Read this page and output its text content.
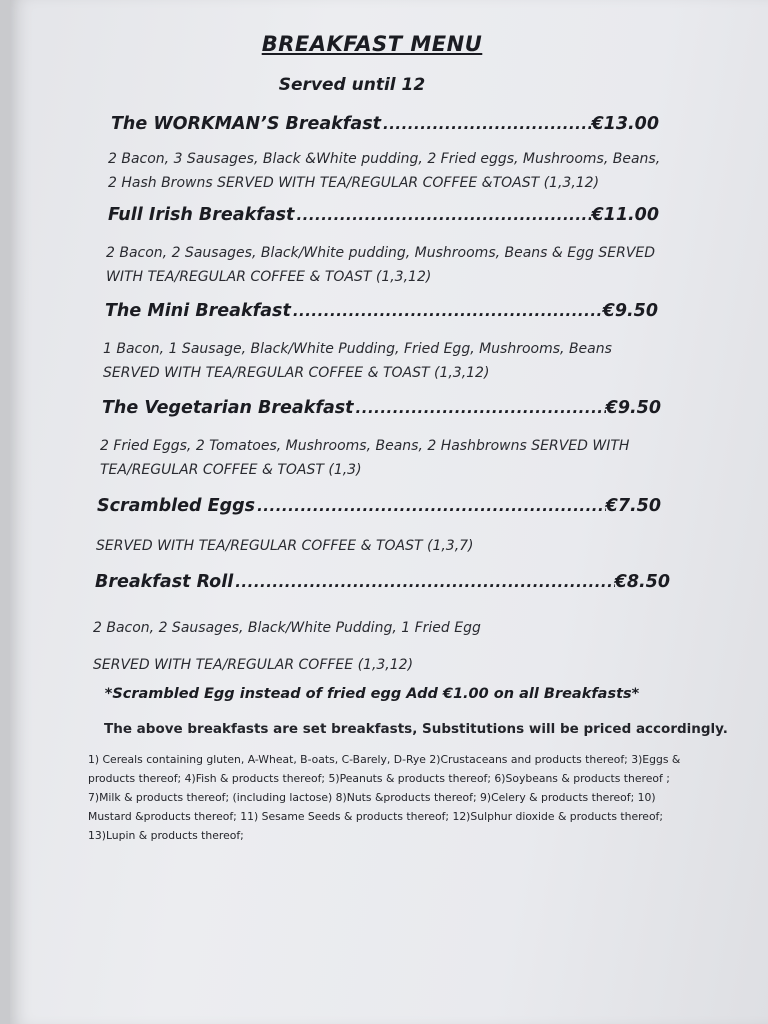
BREAKFAST MENU
Served until 12
The WORKMAN’S Breakfast .....	€13.00
2 Bacon, 3 Sausages, Black &White pudding, 2 Fried eggs, Mushrooms, Beans,
2 Hash Browns SERVED WITH TEA/REGULAR COFFEE &TOAST (1,3,12)
Full Irish Breakfast .....	€11.00
2 Bacon, 2 Sausages, Black/White pudding, Mushrooms, Beans & Egg SERVED
WITH TEA/REGULAR COFFEE & TOAST (1,3,12)
The Mini Breakfast .....	€9.50
1 Bacon, 1 Sausage, Black/White Pudding, Fried Egg, Mushrooms, Beans
SERVED WITH TEA/REGULAR COFFEE & TOAST (1,3,12)
The Vegetarian Breakfast .....	€9.50
2 Fried Eggs, 2 Tomatoes, Mushrooms, Beans, 2 Hashbrowns SERVED WITH
TEA/REGULAR COFFEE & TOAST (1,3)
Scrambled Eggs .....	€7.50
SERVED WITH TEA/REGULAR COFFEE & TOAST (1,3,7)
Breakfast Roll .....	€8.50
2 Bacon, 2 Sausages, Black/White Pudding, 1 Fried Egg
SERVED WITH TEA/REGULAR COFFEE (1,3,12)
*Scrambled Egg instead of fried egg Add €1.00 on all Breakfasts*
The above breakfasts are set breakfasts, Substitutions will be priced accordingly.
1) Cereals containing gluten, A-Wheat, B-oats, C-Barely, D-Rye 2)Crustaceans and products thereof; 3)Eggs &
products thereof; 4)Fish & products thereof; 5)Peanuts & products thereof; 6)Soybeans & products thereof ;
7)Milk & products thereof; (including lactose) 8)Nuts &products thereof; 9)Celery & products thereof; 10)
Mustard &products thereof; 11) Sesame Seeds & products thereof; 12)Sulphur dioxide & products thereof;
13)Lupin & products thereof;
